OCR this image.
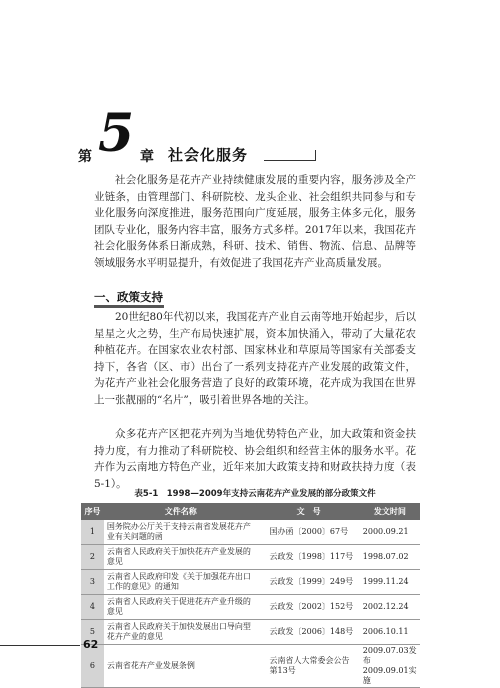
第 5 章 社会化服务

社会化服务是花卉产业持续健康发展的重要内容，服务涉及全产业链条，由管理部门、科研院校、龙头企业、社会组织共同参与和专业化服务向深度推进，服务范围向广度延展，服务主体多元化，服务团队专业化，服务内容丰富，服务方式多样。2017年以来，我国花卉社会化服务体系日渐成熟，科研、技术、销售、物流、信息、品牌等领域服务水平明显提升，有效促进了我国花卉产业高质量发展。

一、政策支持

20世纪80年代初以来，我国花卉产业自云南等地开始起步，后以星星之火之势，生产布局快速扩展，资本加快涌入，带动了大量花农种植花卉。在国家农业农村部、国家林业和草原局等国家有关部委支持下，各省（区、市）出台了一系列支持花卉产业发展的政策文件，为花卉产业社会化服务营造了良好的政策环境，花卉成为我国在世界上一张靓丽的“名片”，吸引着世界各地的关注。

众多花卉产区把花卉列为当地优势特色产业，加大政策和资金扶持力度，有力推动了科研院校、协会组织和经营主体的服务水平。花卉作为云南地方特色产业，近年来加大政策支持和财政扶持力度（表5-1）。

表5-1　1998—2009年支持云南花卉产业发展的部分政策文件
序号	文件名称	文　号	发文时间
1	国务院办公厅关于支持云南省发展花卉产业有关问题的函	国办函〔2000〕67号	2000.09.21
2	云南省人民政府关于加快花卉产业发展的意见	云政发〔1998〕117号	1998.07.02
3	云南省人民政府印发《关于加强花卉出口工作的意见》的通知	云政发〔1999〕249号	1999.11.24
4	云南省人民政府关于促进花卉产业升级的意见	云政发〔2002〕152号	2002.12.24
5	云南省人民政府关于加快发展出口导向型花卉产业的意见	云政发〔2006〕148号	2006.10.11
6	云南省花卉产业发展条例	云南省人大常委会公告第13号	2009.07.03发布 2009.09.01实施
62
